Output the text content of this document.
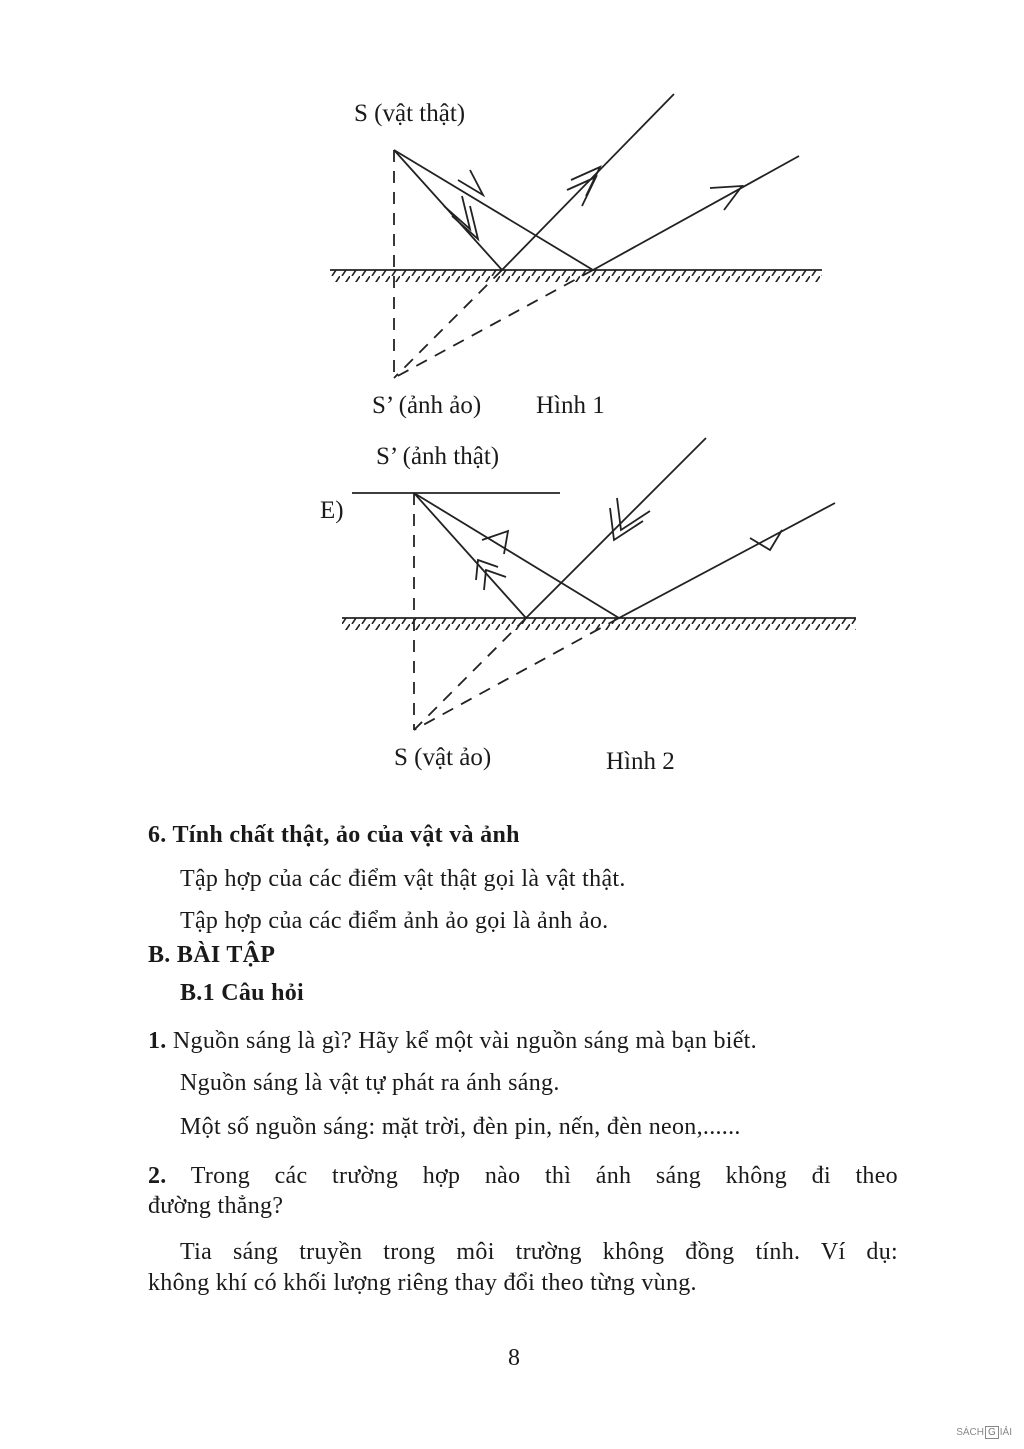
S (vật thật)
S’ (ảnh ảo) Hình 1
S’ (ảnh thật)
E)
S (vật ảo)	Hình 2
6. Tính chất thật, ảo của vật và ảnh
Tập hợp của các điểm vật thật gọi là vật thật.
Tập hợp của các điểm ảnh ảo gọi là ảnh ảo.
B. BÀI TẬP
B.1 Câu hỏi
1. Nguồn sáng là gì? Hãy kể một vài nguồn sáng mà bạn biết.
Nguồn sáng là vật tự phát ra ánh sáng.
Một số nguồn sáng: mặt trời, đèn pin, nến, đèn neon,......
2. Trong các trường hợp nào thì ánh sáng không đi theo
đường thẳng?
Tia sáng truyền trong môi trường không đồng tính. Ví dụ:
không khí có khối lượng riêng thay đổi theo từng vùng.
8
SÁCH G IẢI
